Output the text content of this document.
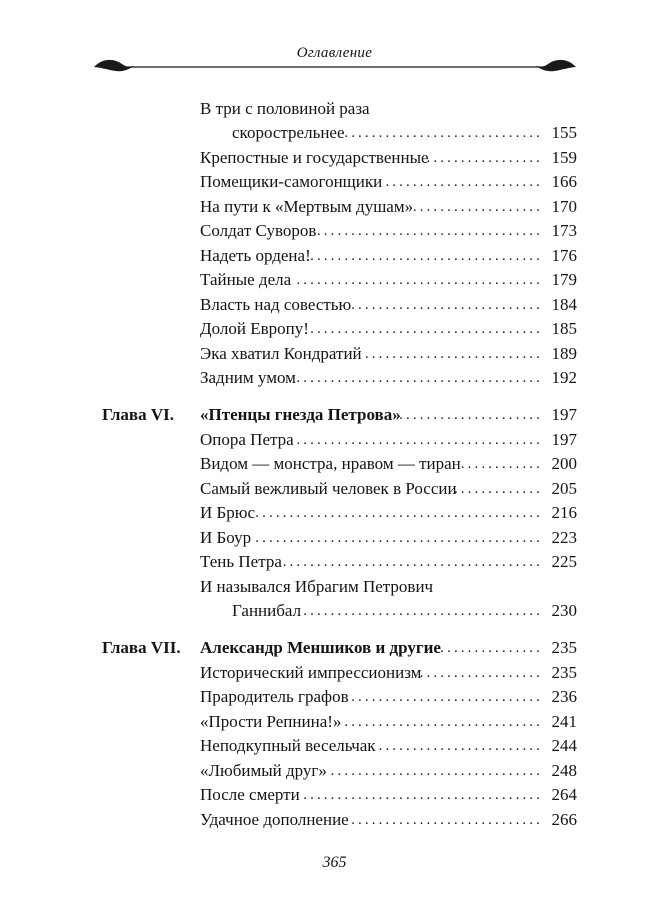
Оглавление
В три с половиной раза
скорострельнее ............................. 155
Крепостные и государственные
................. 159
Помещики-самогонщики ....................... 166
На пути к «Мертвым душам» ................... 170
Солдат Суворов ................................. 173
Надеть ордена! .................................. 176
Тайные дела .................................... 179
Власть над совестью ............................ 184
Долой Европу! .................................. 185
Эка хватил Кондратий .......................... 189
Задним умом .................................... 192
Глава VI. «Птенцы гнезда Петрова»
..................... 197
Опора Петра .................................... 197
Видом — монстра, нравом — тиран ............ 200
Самый вежливый человек в России
............. 205
И Брюс .......................................... 216
И Боур .......................................... 223
Тень Петра ...................................... 225
И назывался Ибрагим Петрович
Ганнибал ................................... 230
Глава VII. Александр Меншиков и другие ............... 235
Исторический импрессионизм
.................. 235
Прародитель графов ............................ 236
«Прости Репнина!» ............................. 241
Неподкупный весельчак ........................ 244
«Любимый друг» ............................... 248
После смерти ................................... 264
Удачное дополнение ............................ 266
365
